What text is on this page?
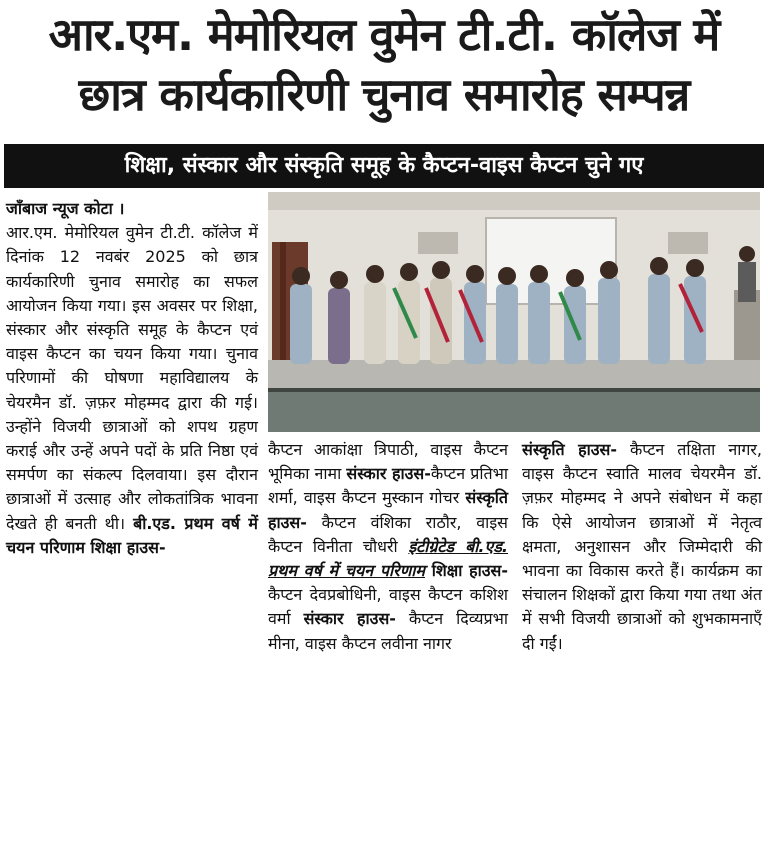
आर.एम. मेमोरियल वुमेन टी.टी. कॉलेज में
छात्र कार्यकारिणी चुनाव समारोह सम्पन्न
शिक्षा, संस्कार और संस्कृति समूह के कैप्टन-वाइस कैप्टन चुने गए

जाँबाज न्यूज कोटा ।

आर.एम. मेमोरियल वुमेन टी.टी. कॉलेज में दिनांक 12 नवबंर 2025 को छात्र कार्यकारिणी चुनाव समारोह का सफल आयोजन किया गया। इस अवसर पर शिक्षा, संस्कार और संस्कृति समूह के कैप्टन एवं वाइस कैप्टन का चयन किया गया। चुनाव परिणामों की घोषणा महाविद्यालय के चेयरमैन डॉ. ज़फ़र मोहम्मद द्वारा की गई। उन्होंने विजयी छात्राओं को शपथ ग्रहण कराई और उन्हें अपने पदों के प्रति निष्ठा एवं समर्पण का संकल्प दिलवाया। इस दौरान छात्राओं में उत्साह और लोकतांत्रिक भावना देखते ही बनती थी। बी.एड. प्रथम वर्ष में चयन परिणाम शिक्षा हाउस-

कैप्टन आकांक्षा त्रिपाठी, वाइस कैप्टन भूमिका नामा संस्कार हाउस-कैप्टन प्रतिभा शर्मा, वाइस कैप्टन मुस्कान गोचर संस्कृति हाउस- कैप्टन वंशिका राठौर, वाइस कैप्टन विनीता चौधरी इंटीग्रेटेड बी.एड. प्रथम वर्ष में चयन परिणाम शिक्षा हाउस- कैप्टन देवप्रबोधिनी, वाइस कैप्टन कशिश वर्मा संस्कार हाउस- कैप्टन दिव्यप्रभा मीना, वाइस कैप्टन लवीना नागर

संस्कृति हाउस- कैप्टन तक्षिता नागर, वाइस कैप्टन स्वाति मालव चेयरमैन डॉ. ज़फ़र मोहम्मद ने अपने संबोधन में कहा कि ऐसे आयोजन छात्राओं में नेतृत्व क्षमता, अनुशासन और जिम्मेदारी की भावना का विकास करते हैं। कार्यक्रम का संचालन शिक्षकों द्वारा किया गया तथा अंत में सभी विजयी छात्राओं को शुभकामनाएँ दी गईं।
